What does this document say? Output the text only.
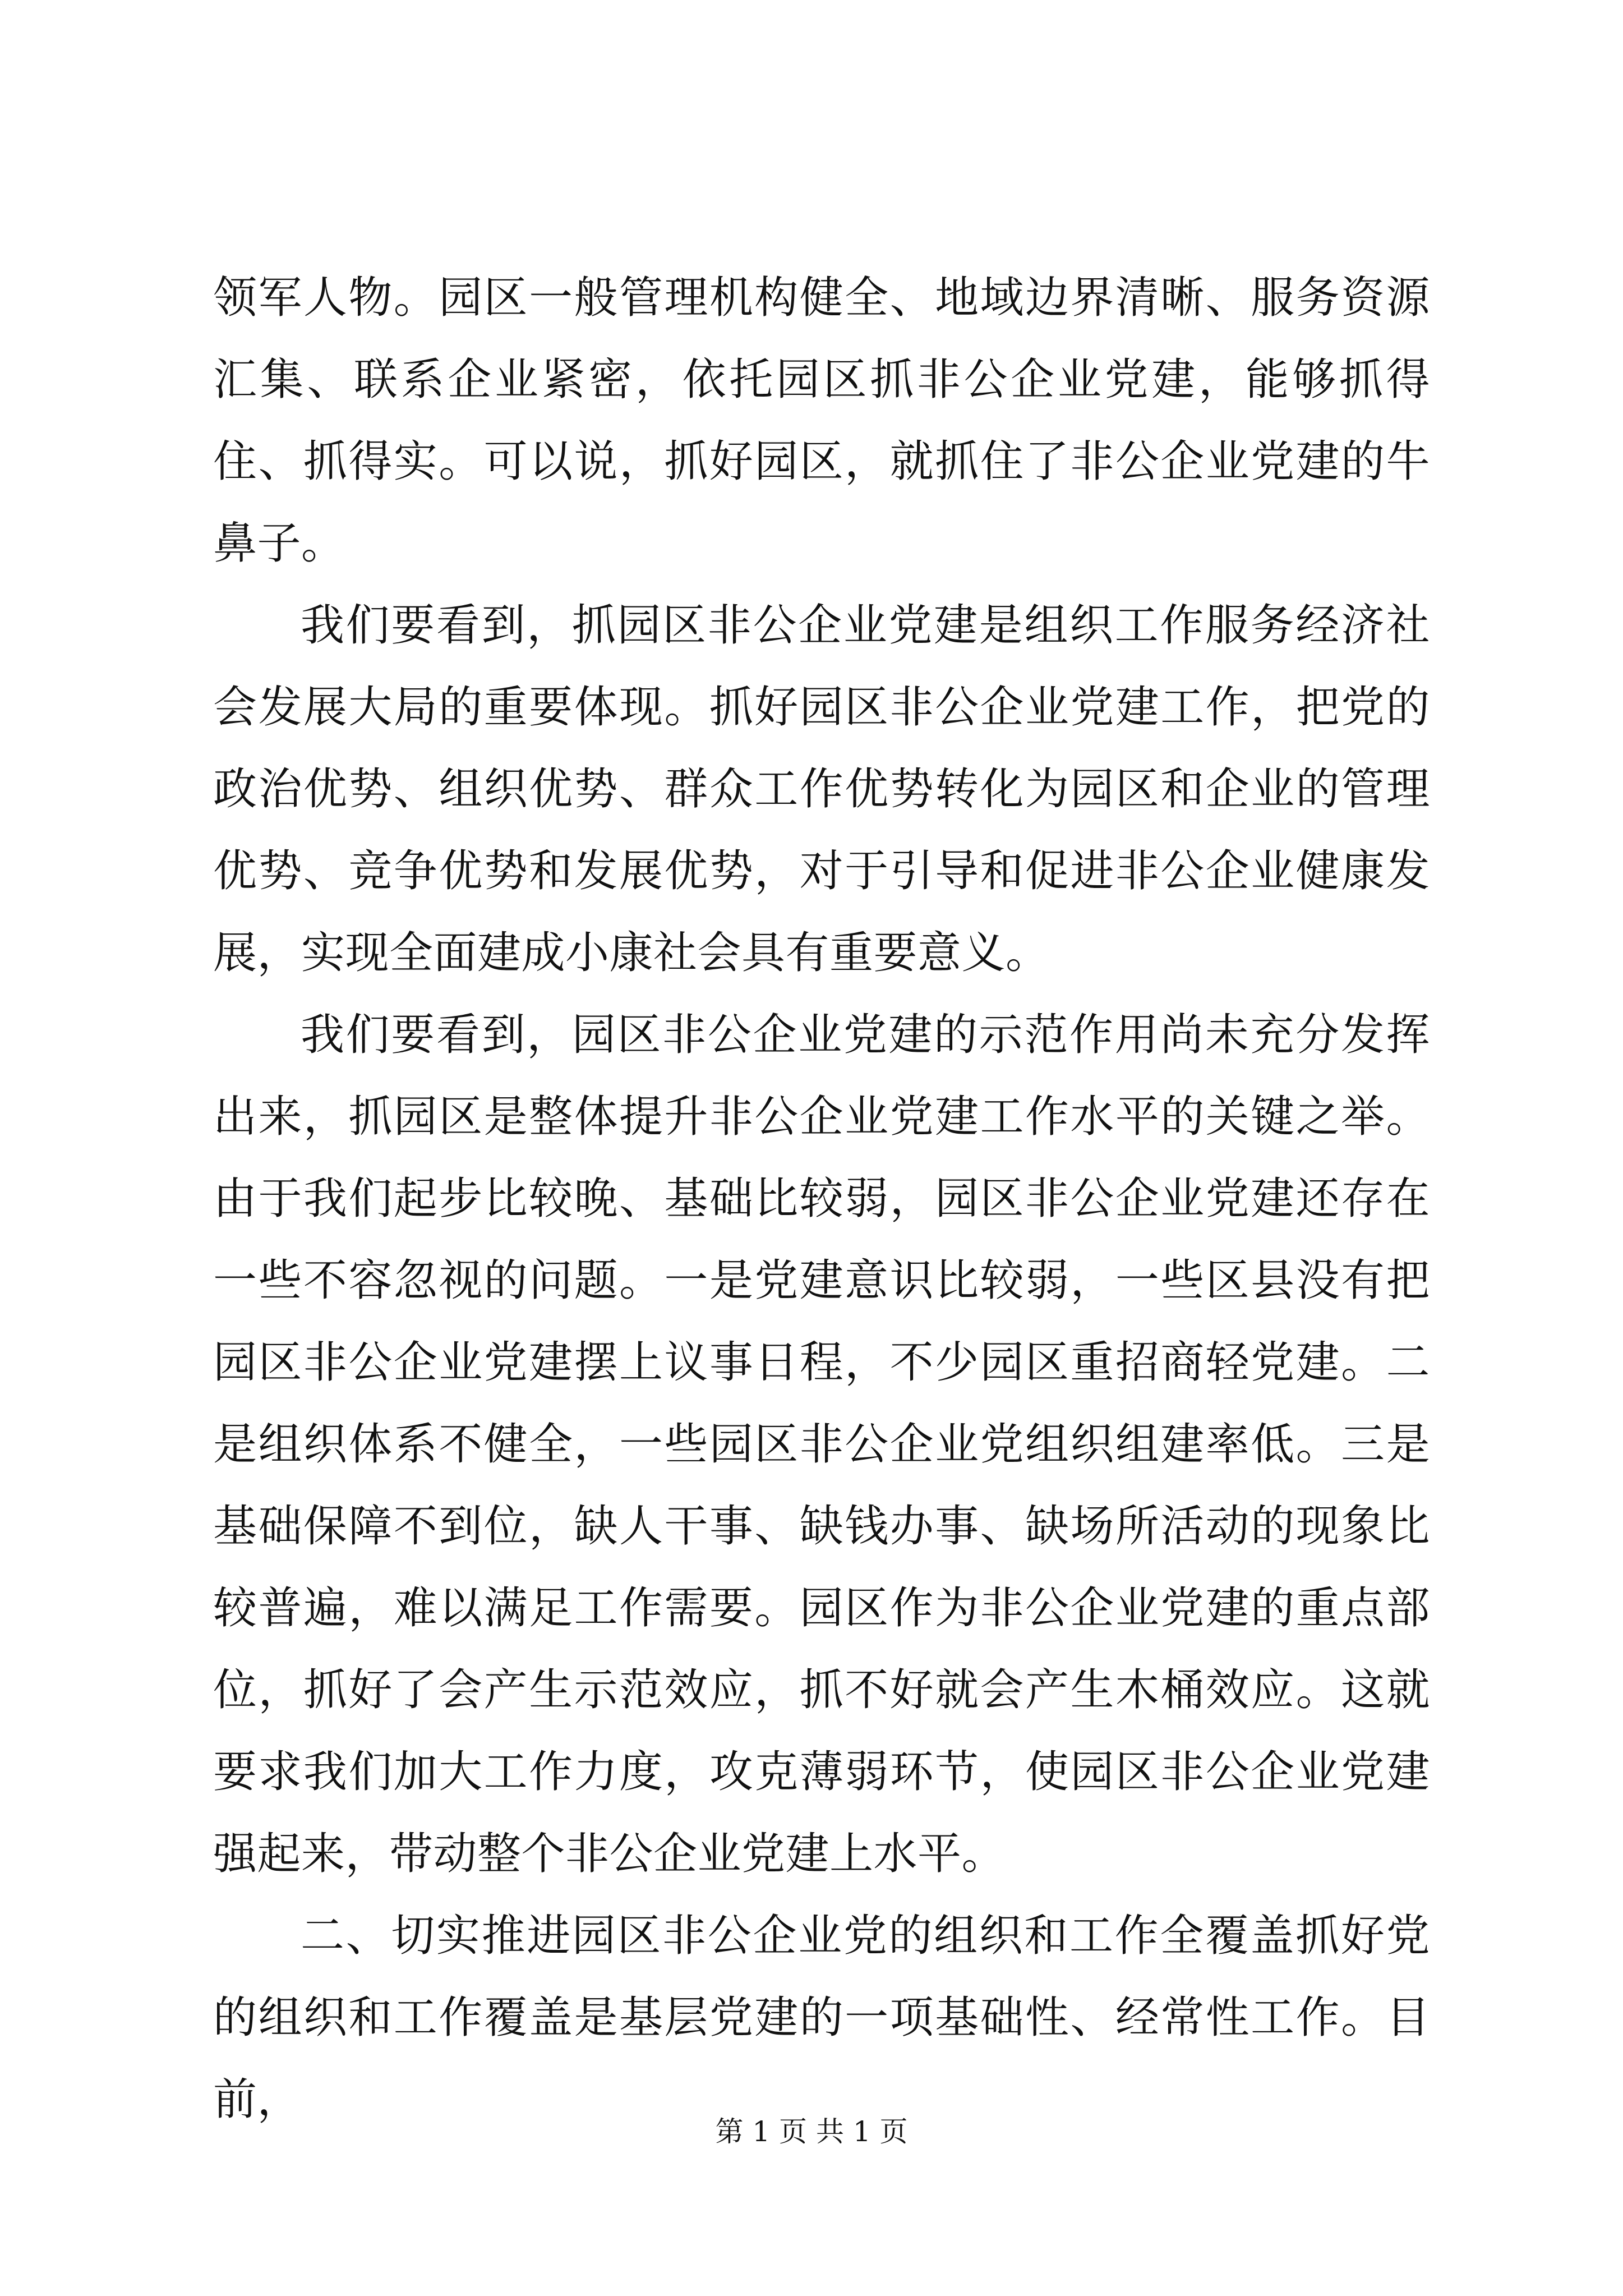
领军人物。园区一般管理机构健全、地域边界清晰、服务资源汇集、联系企业紧密，依托园区抓非公企业党建，能够抓得住、抓得实。可以说，抓好园区，就抓住了非公企业党建的牛鼻子。

我们要看到，抓园区非公企业党建是组织工作服务经济社会发展大局的重要体现。抓好园区非公企业党建工作，把党的政治优势、组织优势、群众工作优势转化为园区和企业的管理优势、竞争优势和发展优势，对于引导和促进非公企业健康发展，实现全面建成小康社会具有重要意义。

我们要看到，园区非公企业党建的示范作用尚未充分发挥出来，抓园区是整体提升非公企业党建工作水平的关键之举。由于我们起步比较晚、基础比较弱，园区非公企业党建还存在一些不容忽视的问题。一是党建意识比较弱，一些区县没有把园区非公企业党建摆上议事日程，不少园区重招商轻党建。二是组织体系不健全，一些园区非公企业党组织组建率低。三是基础保障不到位，缺人干事、缺钱办事、缺场所活动的现象比较普遍，难以满足工作需要。园区作为非公企业党建的重点部位，抓好了会产生示范效应，抓不好就会产生木桶效应。这就要求我们加大工作力度，攻克薄弱环节，使园区非公企业党建强起来，带动整个非公企业党建上水平。

二、切实推进园区非公企业党的组织和工作全覆盖抓好党的组织和工作覆盖是基层党建的一项基础性、经常性工作。目前，

第 1 页 共 1 页
